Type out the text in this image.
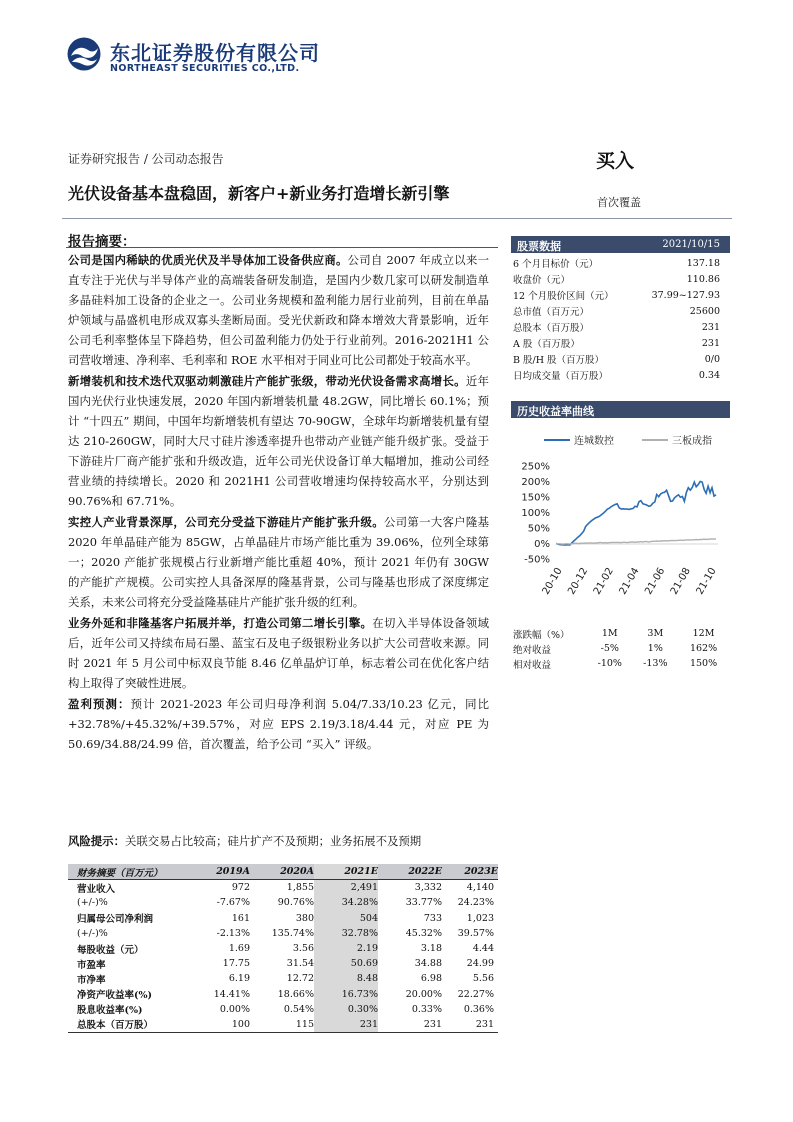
东北证券股份有限公司
NORTHEAST SECURITIES CO.,LTD.
证券研究报告 / 公司动态报告	买入
光伏设备基本盘稳固，新客户+新业务打造增长新引擎	首次覆盖
报告摘要：

公司是国内稀缺的优质光伏及半导体加工设备供应商。公司自 2007 年成立以来一直专注于光伏与半导体产业的高端装备研发制造，是国内少数几家可以研发制造单多晶硅料加工设备的企业之一。公司业务规模和盈利能力居行业前列，目前在单晶炉领域与晶盛机电形成双寡头垄断局面。受光伏新政和降本增效大背景影响，近年公司毛利率整体呈下降趋势，但公司盈利能力仍处于行业前列。2016-2021H1 公司营收增速、净利率、毛利率和 ROE 水平相对于同业可比公司都处于较高水平。

新增装机和技术迭代双驱动刺激硅片产能扩张级，带动光伏设备需求高增长。近年国内光伏行业快速发展，2020 年国内新增装机量 48.2GW，同比增长 60.1%；预计 “十四五” 期间，中国年均新增装机有望达 70-90GW，全球年均新增装机量有望达 210-260GW，同时大尺寸硅片渗透率提升也带动产业链产能升级扩张。受益于下游硅片厂商产能扩张和升级改造，近年公司光伏设备订单大幅增加，推动公司经营业绩的持续增长。2020 和 2021H1 公司营收增速均保持较高水平，分别达到 90.76%和 67.71%。

实控人产业背景深厚，公司充分受益下游硅片产能扩张升级。公司第一大客户隆基 2020 年单晶硅产能为 85GW，占单晶硅片市场产能比重为 39.06%，位列全球第一；2020 产能扩张规模占行业新增产能比重超 40%，预计 2021 年仍有 30GW 的产能扩产规模。公司实控人具备深厚的隆基背景，公司与隆基也形成了深度绑定关系，未来公司将充分受益隆基硅片产能扩张升级的红利。

业务外延和非隆基客户拓展并举，打造公司第二增长引擎。在切入半导体设备领域后，近年公司又持续布局石墨、蓝宝石及电子级银粉业务以扩大公司营收来源。同时 2021 年 5 月公司中标双良节能 8.46 亿单晶炉订单，标志着公司在优化客户结构上取得了突破性进展。

盈利预测：预计 2021-2023 年公司归母净利润 5.04/7.33/10.23 亿元，同比+32.78%/+45.32%/+39.57%，对应 EPS 2.19/3.18/4.44 元，对应 PE 为 50.69/34.88/24.99 倍，首次覆盖，给予公司 “买入” 评级。

风险提示：关联交易占比较高；硅片扩产不及预期；业务拓展不及预期
股票数据	2021/10/15
6 个月目标价（元）	137.18
收盘价（元）	110.86
12 个月股价区间（元）	37.99~127.93
总市值（百万元）	25600
总股本（百万股）	231
A 股（百万股）	231
B 股/H 股（百万股）	0/0
日均成交量（百万股）	0.34
历史收益率曲线
连城数控	三板成指
250%
200%
150%
100%
50%
0%
-50%
20-10 20-12 21-02 21-04 21-06 21-08 21-10
涨跌幅（%）	1M	3M	12M
绝对收益	-5%	1%	162%
相对收益	-10%	-13%	150%
财务摘要（百万元）	2019A	2020A	2021E	2022E	2023E
营业收入	972	1,855	2,491	3,332	4,140
(+/-)%	-7.67%	90.76%	34.28%	33.77%	24.23%
归属母公司净利润	161	380	504	733	1,023
(+/-)%	-2.13%	135.74%	32.78%	45.32%	39.57%
每股收益（元）	1.69	3.56	2.19	3.18	4.44
市盈率	17.75	31.54	50.69	34.88	24.99
市净率	6.19	12.72	8.48	6.98	5.56
净资产收益率(%)	14.41%	18.66%	16.73%	20.00%	22.27%
股息收益率(%)	0.00%	0.54%	0.30%	0.33%	0.36%
总股本（百万股）	100	115	231	231	231
